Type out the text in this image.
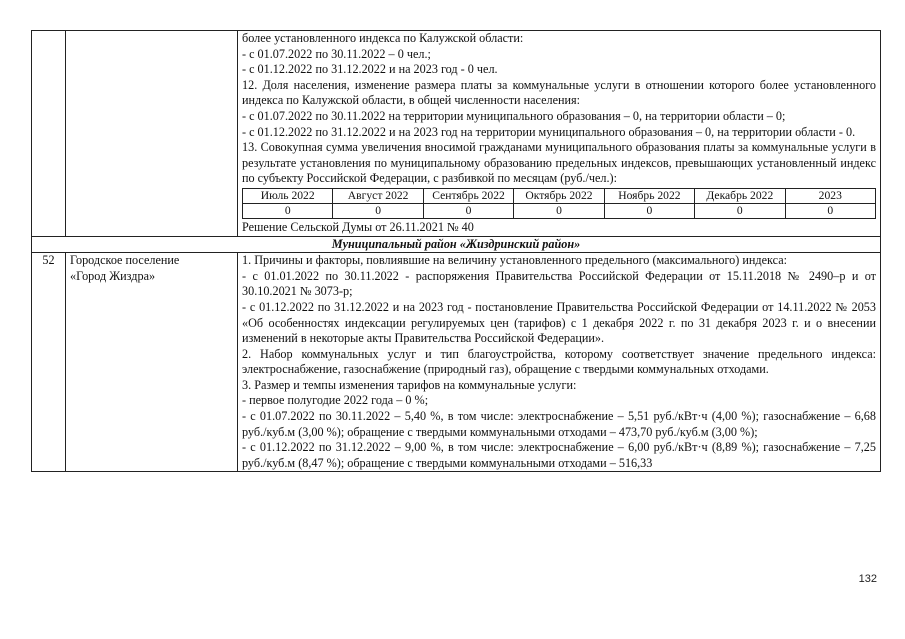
более установленного индекса по Калужской области:
- с 01.07.2022 по 30.11.2022 – 0 чел.;
- с 01.12.2022 по 31.12.2022 и на 2023 год - 0 чел.
12. Доля населения, изменение размера платы за коммунальные услуги в отношении которого более установленного индекса по Калужской области, в общей численности населения:
- с 01.07.2022 по 30.11.2022 на территории муниципального образования – 0, на территории области – 0;
- с 01.12.2022 по 31.12.2022 и на 2023 год на территории муниципального образования – 0, на территории области - 0.
13. Совокупная сумма увеличения вносимой гражданами муниципального образования платы за коммунальные услуги в результате установления по муниципальному образованию предельных индексов, превышающих установленный индекс по субъекту Российской Федерации, с разбивкой по месяцам (руб./чел.):
Июль 2022	Август 2022	Сентябрь 2022	Октябрь 2022	Ноябрь 2022	Декабрь 2022	2023
0	0	0	0	0	0	0
Решение Сельской Думы от 26.11.2021 № 40

Муниципальный район «Жиздринский район»
52	Городское поселение
«Город Жиздра»

1. Причины и факторы, повлиявшие на величину установленного предельного (максимального) индекса:
- с 01.01.2022 по 30.11.2022 - распоряжения Правительства Российской Федерации от 15.11.2018 № 2490–р и от 30.10.2021 № 3073-р;
- с 01.12.2022 по 31.12.2022 и на 2023 год - постановление Правительства Российской Федерации от 14.11.2022 № 2053 «Об особенностях индексации регулируемых цен (тарифов) с 1 декабря 2022 г. по 31 декабря 2023 г. и о внесении изменений в некоторые акты Правительства Российской Федерации».
2. Набор коммунальных услуг и тип благоустройства, которому соответствует значение предельного индекса: электроснабжение, газоснабжение (природный газ), обращение с твердыми коммунальных отходами.
3. Размер и темпы изменения тарифов на коммунальные услуги:
- первое полугодие 2022 года – 0 %;
- с 01.07.2022 по 30.11.2022 – 5,40 %, в том числе: электроснабжение – 5,51 руб./кВт·ч (4,00 %); газоснабжение – 6,68 руб./куб.м (3,00 %); обращение с твердыми коммунальными отходами – 473,70 руб./куб.м (3,00 %);
- с 01.12.2022 по 31.12.2022 – 9,00 %, в том числе: электроснабжение – 6,00 руб./кВт·ч (8,89 %); газоснабжение – 7,25 руб./куб.м (8,47 %); обращение с твердыми коммунальными отходами – 516,33
132
